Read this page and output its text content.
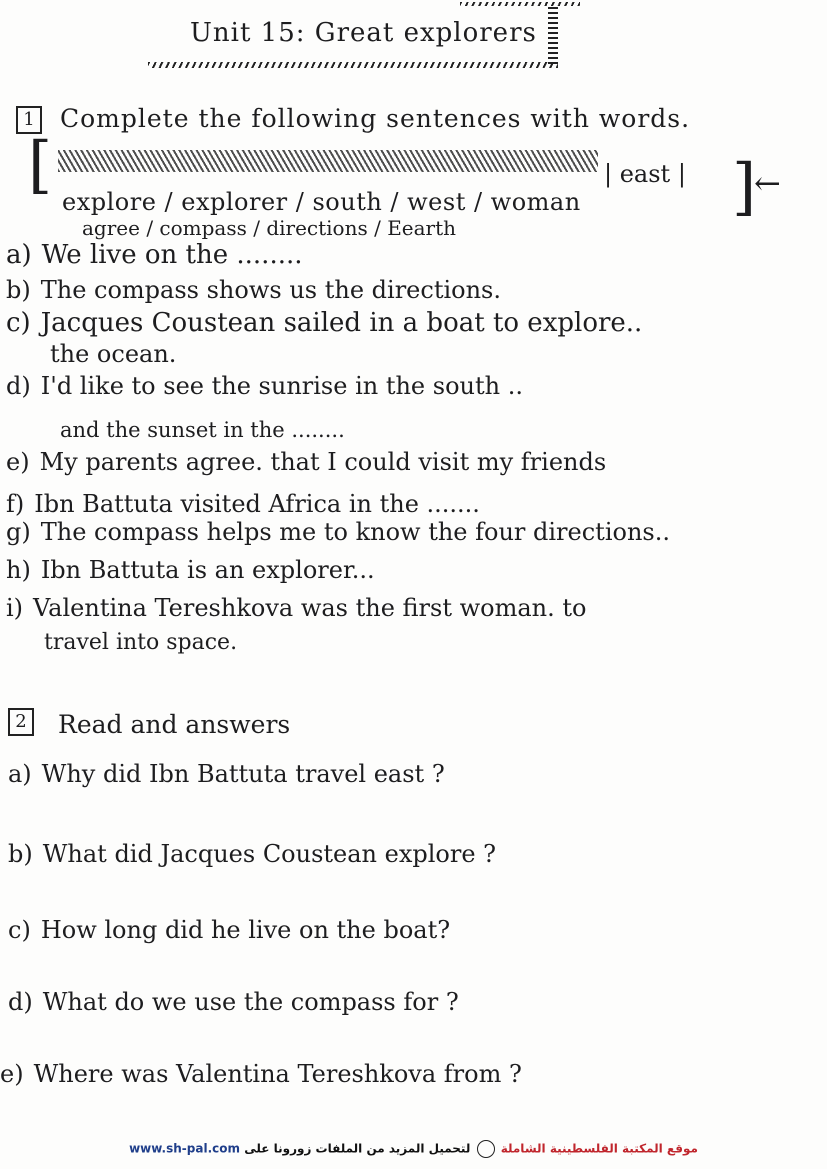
Unit 15: Great explorers
1 Complete the following sentences with words.
[	| east |
explore / explorer / south / west / woman ]
←
agree / compass / directions / Eearth
a) We live on the ........
b) The compass shows us the directions.
c) Jacques Coustean sailed in a boat to explore..
the ocean.
d) I'd like to see the sunrise in the south ..
and the sunset in the ........
e) My parents agree. that I could visit my friends
f) Ibn Battuta visited Africa in the .......
g) The compass helps me to know the four directions..
h) Ibn Battuta is an explorer...
i) Valentina Tereshkova was the first woman. to
travel into space.
2 Read and answers
a) Why did Ibn Battuta travel east ?
b) What did Jacques Coustean explore ?
c) How long did he live on the boat?
d) What do we use the compass for ?
e) Where was Valentina Tereshkova from ?
www.sh-pal.com	موقع المكتبة الفلسطينية الشاملة  لتحميل المزيد من الملفات زورونا على
